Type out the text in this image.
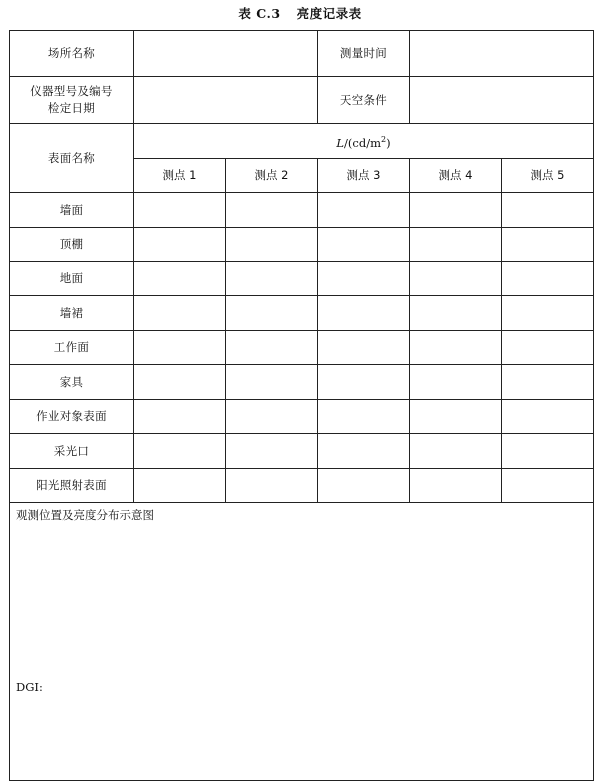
表 C.3 亮度记录表
场所名称			测量时间		

仪器型号及编号
检定日期			天空条件		
表面名称	$L/(cd/m^2)$				
	测点 1	测点 2	测点 3	测点 4	测点 5
墙面					
顶棚					
地面					
墙裙					
工作面					
家具					
作业对象表面					
采光口					
阳光照射表面					

观测位置及亮度分布示意图
DGI:					
